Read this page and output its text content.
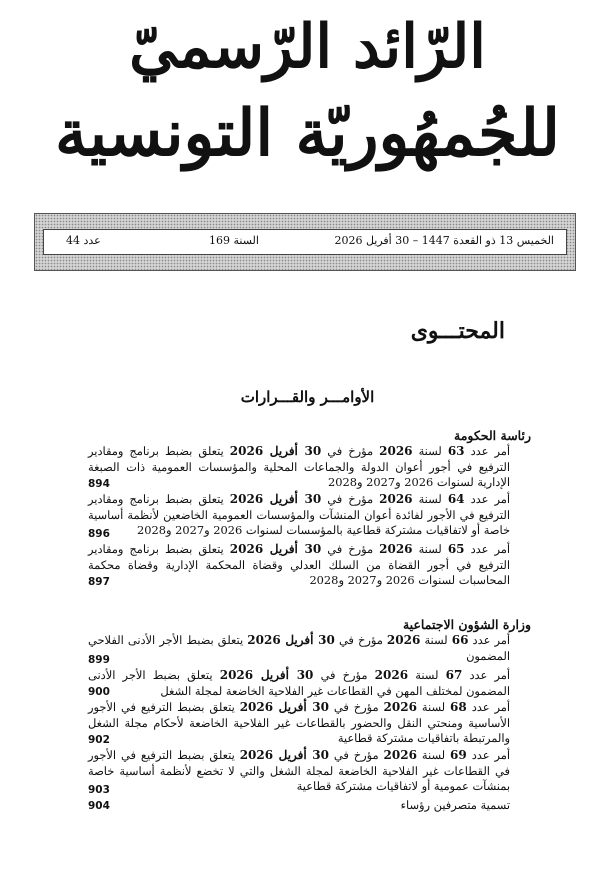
الرّائد الرّسميّ
للجُمهُوريّة التونسية
الخميس 13 ذو القعدة 1447 – 30 أفريل 2026
السنة 169
عدد 44
المحتـــوى
الأوامـــر والقـــرارات
رئاسة الحكومة
أمر عدد 63 لسنة 2026 مؤرخ في 30 أفريل 2026 يتعلق بضبط برنامج ومقادير الترفيع في أجور أعوان الدولة والجماعات المحلية والمؤسسات العمومية ذات الصبغة الإدارية لسنوات 2026 و2027 و2028
894
أمر عدد 64 لسنة 2026 مؤرخ في 30 أفريل 2026 يتعلق بضبط برنامج ومقادير الترفيع في الأجور لفائدة أعوان المنشآت والمؤسسات العمومية الخاضعين لأنظمة أساسية خاصة أو لاتفاقيات مشتركة قطاعية بالمؤسسات لسنوات 2026 و2027 و2028
896
أمر عدد 65 لسنة 2026 مؤرخ في 30 أفريل 2026 يتعلق بضبط برنامج ومقادير الترفيع في أجور القضاة من السلك العدلي وقضاة المحكمة الإدارية وقضاة محكمة المحاسبات لسنوات 2026 و2027 و2028
897
وزارة الشؤون الاجتماعية
أمر عدد 66 لسنة 2026 مؤرخ في 30 أفريل 2026 يتعلق بضبط الأجر الأدنى الفلاحي المضمون
899
أمر عدد 67 لسنة 2026 مؤرخ في 30 أفريل 2026 يتعلق بضبط الأجر الأدنى المضمون لمختلف المهن في القطاعات غير الفلاحية الخاضعة لمجلة الشغل
900
أمر عدد 68 لسنة 2026 مؤرخ في 30 أفريل 2026 يتعلق بضبط الترفيع في الأجور الأساسية ومنحتي النقل والحضور بالقطاعات غير الفلاحية الخاضعة لأحكام مجلة الشغل والمرتبطة باتفاقيات مشتركة قطاعية
902
أمر عدد 69 لسنة 2026 مؤرخ في 30 أفريل 2026 يتعلق بضبط الترفيع في الأجور في القطاعات غير الفلاحية الخاضعة لمجلة الشغل والتي لا تخضع لأنظمة أساسية خاصة بمنشآت عمومية أو لاتفاقيات مشتركة قطاعية
903
تسمية متصرفين رؤساء
904
